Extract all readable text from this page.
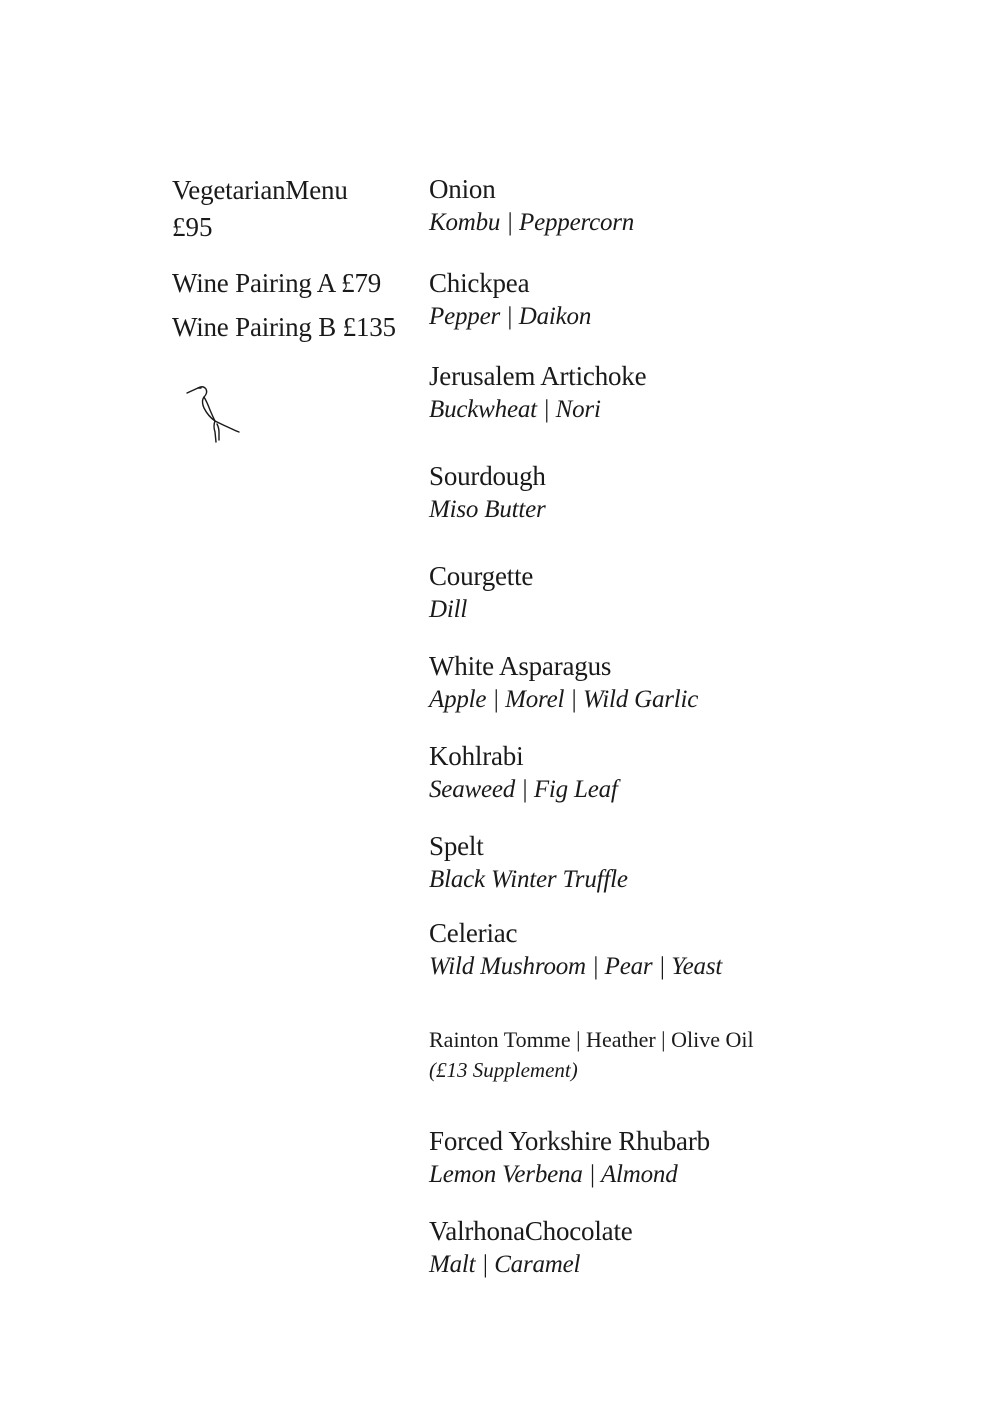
VegetarianMenu
£95
Wine Pairing A £79
Wine Pairing B £135
Onion
Kombu | Peppercorn
Chickpea
Pepper | Daikon
Jerusalem Artichoke
Buckwheat | Nori
Sourdough
Miso Butter
Courgette
Dill
White Asparagus
Apple | Morel | Wild Garlic
Kohlrabi
Seaweed | Fig Leaf
Spelt
Black Winter Truffle
Celeriac
Wild Mushroom | Pear | Yeast
Rainton Tomme | Heather | Olive Oil
(£13 Supplement)
Forced Yorkshire Rhubarb
Lemon Verbena | Almond
ValrhonaChocolate
Malt | Caramel
